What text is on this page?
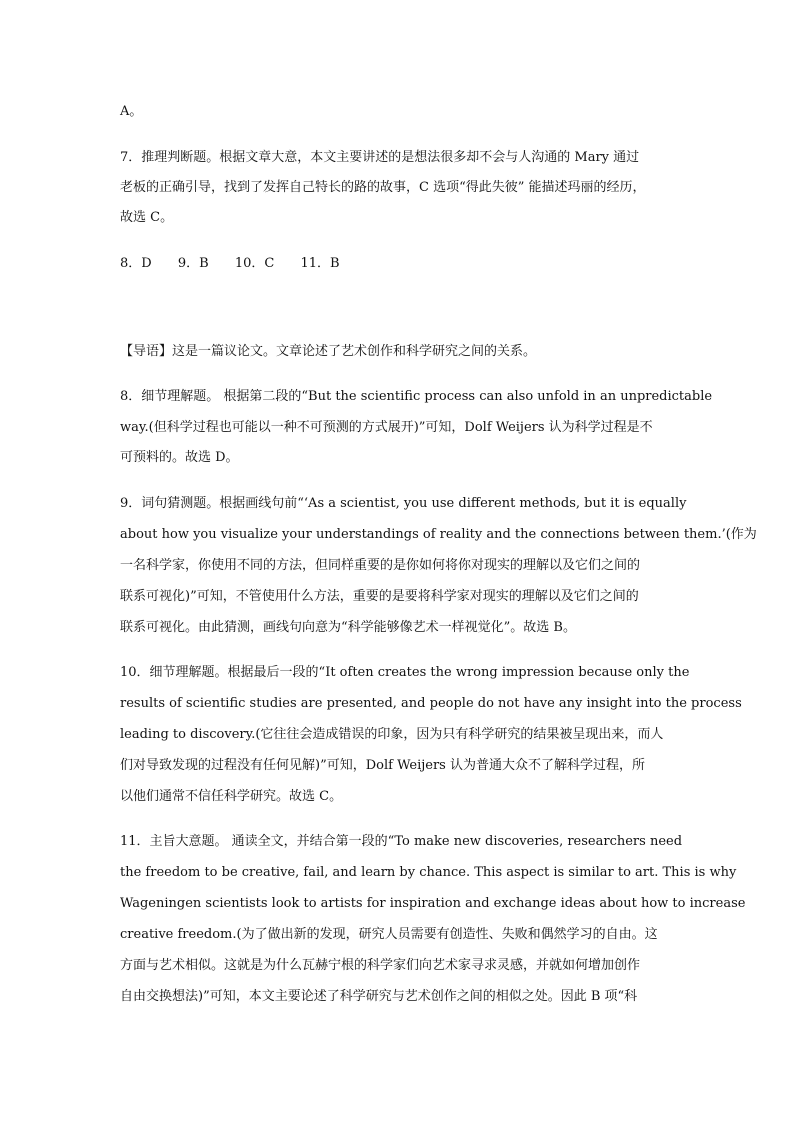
A。
7．推理判断题。根据文章大意，本文主要讲述的是想法很多却不会与人沟通的 Mary 通过
老板的正确引导，找到了发挥自己特长的路的故事，C 选项“得此失彼” 能描述玛丽的经历，
故选 C。
8．D 9．B 10．C 11．B
【导语】这是一篇议论文。文章论述了艺术创作和科学研究之间的关系。
8．细节理解题。 根据第二段的“But the scientific process can also unfold in an unpredictable
way.(但科学过程也可能以一种不可预测的方式展开)”可知，Dolf Weijers 认为科学过程是不
可预料的。故选 D。
9．词句猜测题。根据画线句前“‘As a scientist, you use different methods, but it is equally
about how you visualize your understandings of reality and the connections between them.’(作为
一名科学家，你使用不同的方法，但同样重要的是你如何将你对现实的理解以及它们之间的
联系可视化)”可知，不管使用什么方法，重要的是要将科学家对现实的理解以及它们之间的
联系可视化。由此猜测，画线句向意为“科学能够像艺术一样视觉化”。故选 B。
10．细节理解题。根据最后一段的“It often creates the wrong impression because only the
results of scientific studies are presented, and people do not have any insight into the process
leading to discovery.(它往往会造成错误的印象，因为只有科学研究的结果被呈现出来，而人
们对导致发现的过程没有任何见解)”可知，Dolf Weijers 认为普通大众不了解科学过程，所
以他们通常不信任科学研究。故选 C。
11．主旨大意题。 通读全文，并结合第一段的“To make new discoveries, researchers need
the freedom to be creative, fail, and learn by chance. This aspect is similar to art. This is why
Wageningen scientists look to artists for inspiration and exchange ideas about how to increase
creative freedom.(为了做出新的发现，研究人员需要有创造性、失败和偶然学习的自由。这
方面与艺术相似。这就是为什么瓦赫宁根的科学家们向艺术家寻求灵感，并就如何增加创作
自由交换想法)”可知，本文主要论述了科学研究与艺术创作之间的相似之处。因此 B 项“科
